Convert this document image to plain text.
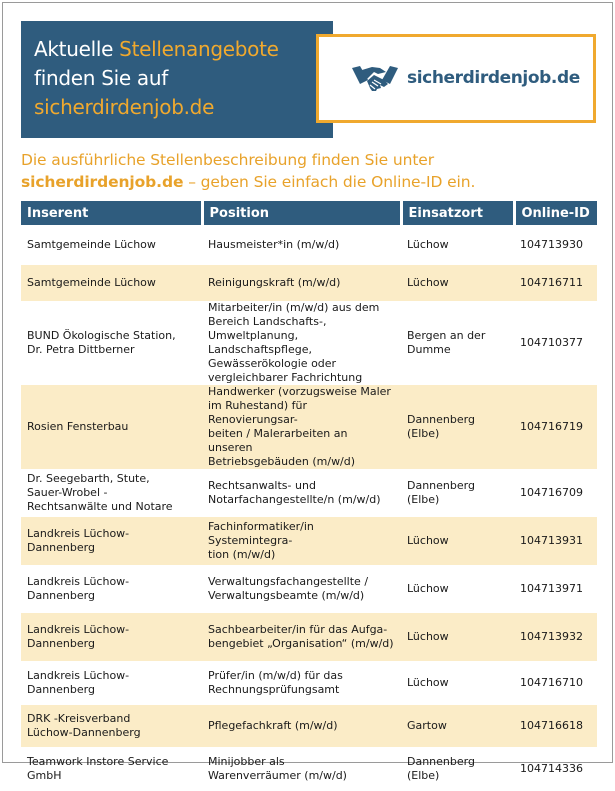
Aktuelle Stellenangebote
finden Sie auf
sicherdirdenjob.de
sicherdirdenjob.de
Die ausführliche Stellenbeschreibung finden Sie unter
sicherdirdenjob.de – geben Sie einfach die Online-ID ein.
Inserent	Position	Einsatzort	Online-ID
Samtgemeinde Lüchow	Hausmeister*in (m/w/d)	Lüchow	104713930
Samtgemeinde Lüchow	Reinigungskraft (m/w/d)	Lüchow	104716711
BUND Ökologische Station,
Dr. Petra Dittberner	Mitarbeiter/in (m/w/d) aus dem
Bereich Landschafts-,
Umweltplanung, Landschaftspflege,
Gewässerökologie oder
vergleichbarer Fachrichtung	Bergen an der
Dumme	104710377
Rosien Fensterbau	Handwerker (vorzugsweise Maler
im Ruhestand) für Renovierungsar-
beiten / Malerarbeiten an unseren
Betriebsgebäuden (m/w/d)	Dannenberg (Elbe)	104716719
Dr. Seegebarth, Stute,
Sauer-Wrobel -
Rechtsanwälte und Notare	Rechtsanwalts- und
Notarfachangestellte/n (m/w/d)	Dannenberg (Elbe)	104716709
Landkreis Lüchow-Dannenberg	Fachinformatiker/in Systemintegra-
tion (m/w/d)	Lüchow	104713931
Landkreis Lüchow-Dannenberg	Verwaltungsfachangestellte /
Verwaltungsbeamte (m/w/d)	Lüchow	104713971
Landkreis Lüchow-Dannenberg	Sachbearbeiter/in für das Aufga-
bengebiet „Organisation“ (m/w/d)	Lüchow	104713932
Landkreis Lüchow-Dannenberg	Prüfer/in (m/w/d) für das
Rechnungsprüfungsamt	Lüchow	104716710
DRK -Kreisverband
Lüchow-Dannenberg	Pflegefachkraft (m/w/d)	Gartow	104716618
Teamwork Instore Service
GmbH	Minijobber als
Warenverräumer (m/w/d)	Dannenberg (Elbe)	104714336
